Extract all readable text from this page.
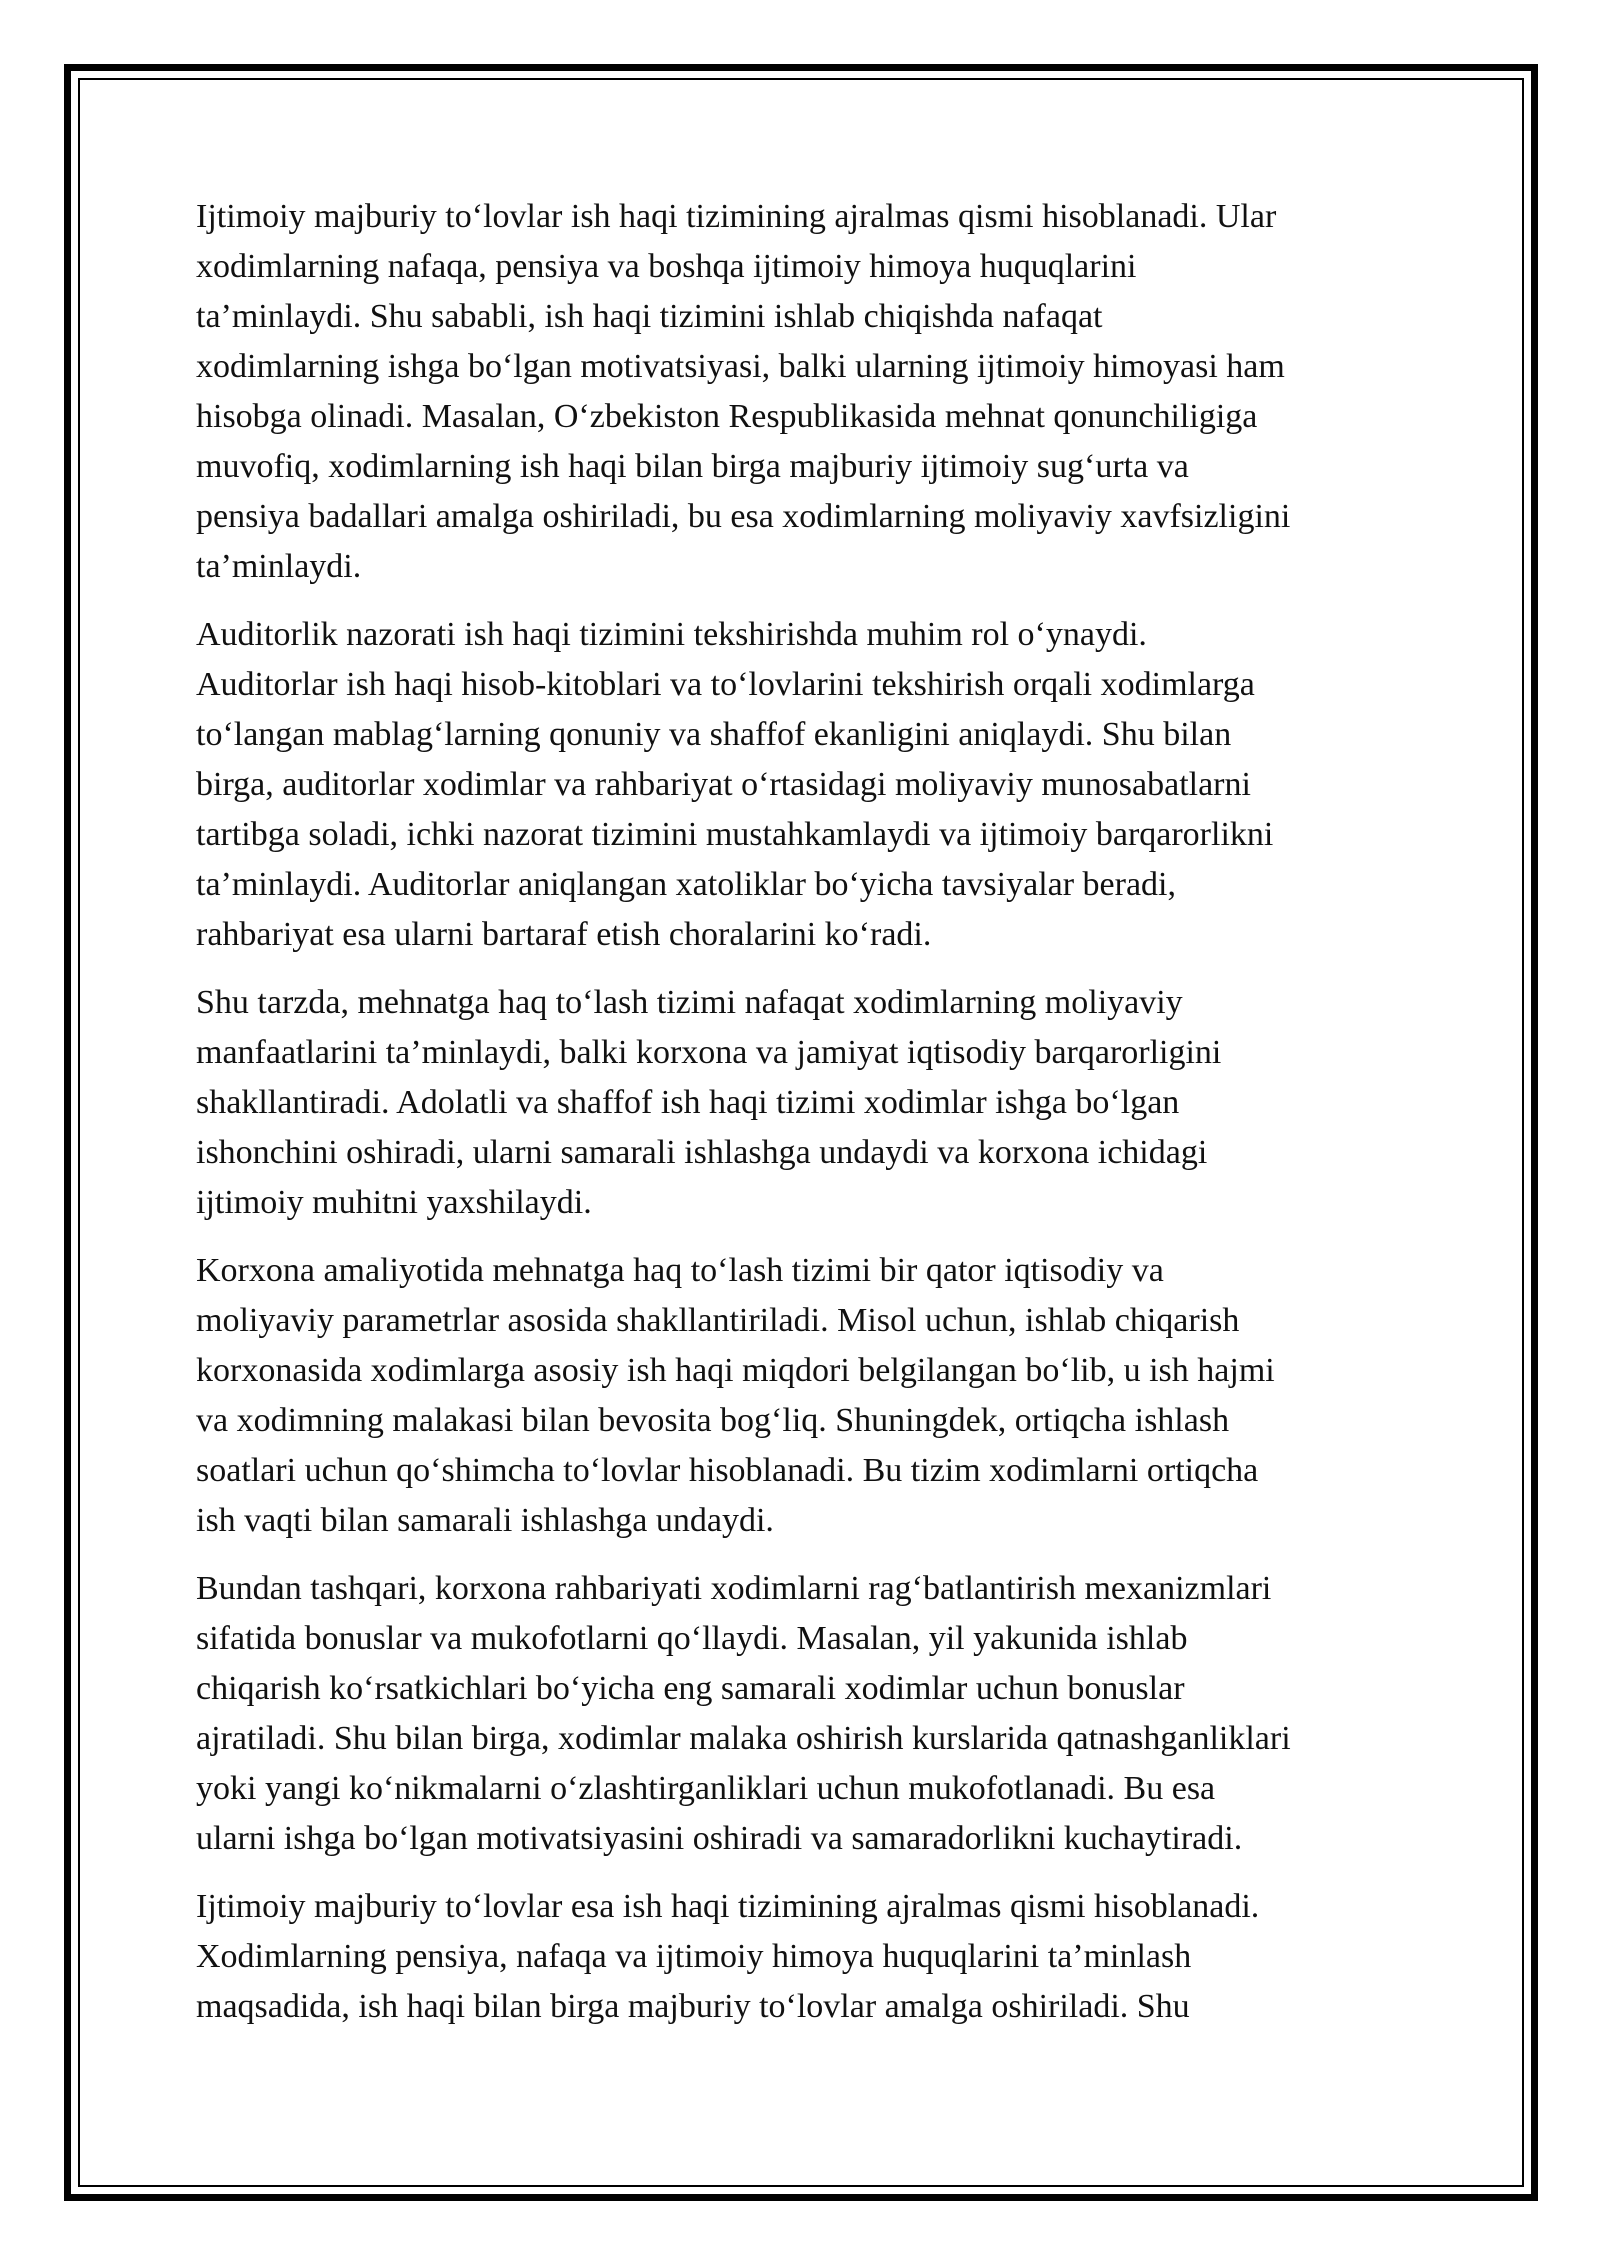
Ijtimoiy majburiy to‘lovlar ish haqi tizimining ajralmas qismi hisoblanadi. Ular
xodimlarning nafaqa, pensiya va boshqa ijtimoiy himoya huquqlarini
ta’minlaydi. Shu sababli, ish haqi tizimini ishlab chiqishda nafaqat
xodimlarning ishga bo‘lgan motivatsiyasi, balki ularning ijtimoiy himoyasi ham
hisobga olinadi. Masalan, O‘zbekiston Respublikasida mehnat qonunchiligiga
muvofiq, xodimlarning ish haqi bilan birga majburiy ijtimoiy sug‘urta va
pensiya badallari amalga oshiriladi, bu esa xodimlarning moliyaviy xavfsizligini
ta’minlaydi.

Auditorlik nazorati ish haqi tizimini tekshirishda muhim rol o‘ynaydi.
Auditorlar ish haqi hisob-kitoblari va to‘lovlarini tekshirish orqali xodimlarga
to‘langan mablag‘larning qonuniy va shaffof ekanligini aniqlaydi. Shu bilan
birga, auditorlar xodimlar va rahbariyat o‘rtasidagi moliyaviy munosabatlarni
tartibga soladi, ichki nazorat tizimini mustahkamlaydi va ijtimoiy barqarorlikni
ta’minlaydi. Auditorlar aniqlangan xatoliklar bo‘yicha tavsiyalar beradi,
rahbariyat esa ularni bartaraf etish choralarini ko‘radi.

Shu tarzda, mehnatga haq to‘lash tizimi nafaqat xodimlarning moliyaviy
manfaatlarini ta’minlaydi, balki korxona va jamiyat iqtisodiy barqarorligini
shakllantiradi. Adolatli va shaffof ish haqi tizimi xodimlar ishga bo‘lgan
ishonchini oshiradi, ularni samarali ishlashga undaydi va korxona ichidagi
ijtimoiy muhitni yaxshilaydi.

Korxona amaliyotida mehnatga haq to‘lash tizimi bir qator iqtisodiy va
moliyaviy parametrlar asosida shakllantiriladi. Misol uchun, ishlab chiqarish
korxonasida xodimlarga asosiy ish haqi miqdori belgilangan bo‘lib, u ish hajmi
va xodimning malakasi bilan bevosita bog‘liq. Shuningdek, ortiqcha ishlash
soatlari uchun qo‘shimcha to‘lovlar hisoblanadi. Bu tizim xodimlarni ortiqcha
ish vaqti bilan samarali ishlashga undaydi.

Bundan tashqari, korxona rahbariyati xodimlarni rag‘batlantirish mexanizmlari
sifatida bonuslar va mukofotlarni qo‘llaydi. Masalan, yil yakunida ishlab
chiqarish ko‘rsatkichlari bo‘yicha eng samarali xodimlar uchun bonuslar
ajratiladi. Shu bilan birga, xodimlar malaka oshirish kurslarida qatnashganliklari
yoki yangi ko‘nikmalarni o‘zlashtirganliklari uchun mukofotlanadi. Bu esa
ularni ishga bo‘lgan motivatsiyasini oshiradi va samaradorlikni kuchaytiradi.

Ijtimoiy majburiy to‘lovlar esa ish haqi tizimining ajralmas qismi hisoblanadi.
Xodimlarning pensiya, nafaqa va ijtimoiy himoya huquqlarini ta’minlash
maqsadida, ish haqi bilan birga majburiy to‘lovlar amalga oshiriladi. Shu
